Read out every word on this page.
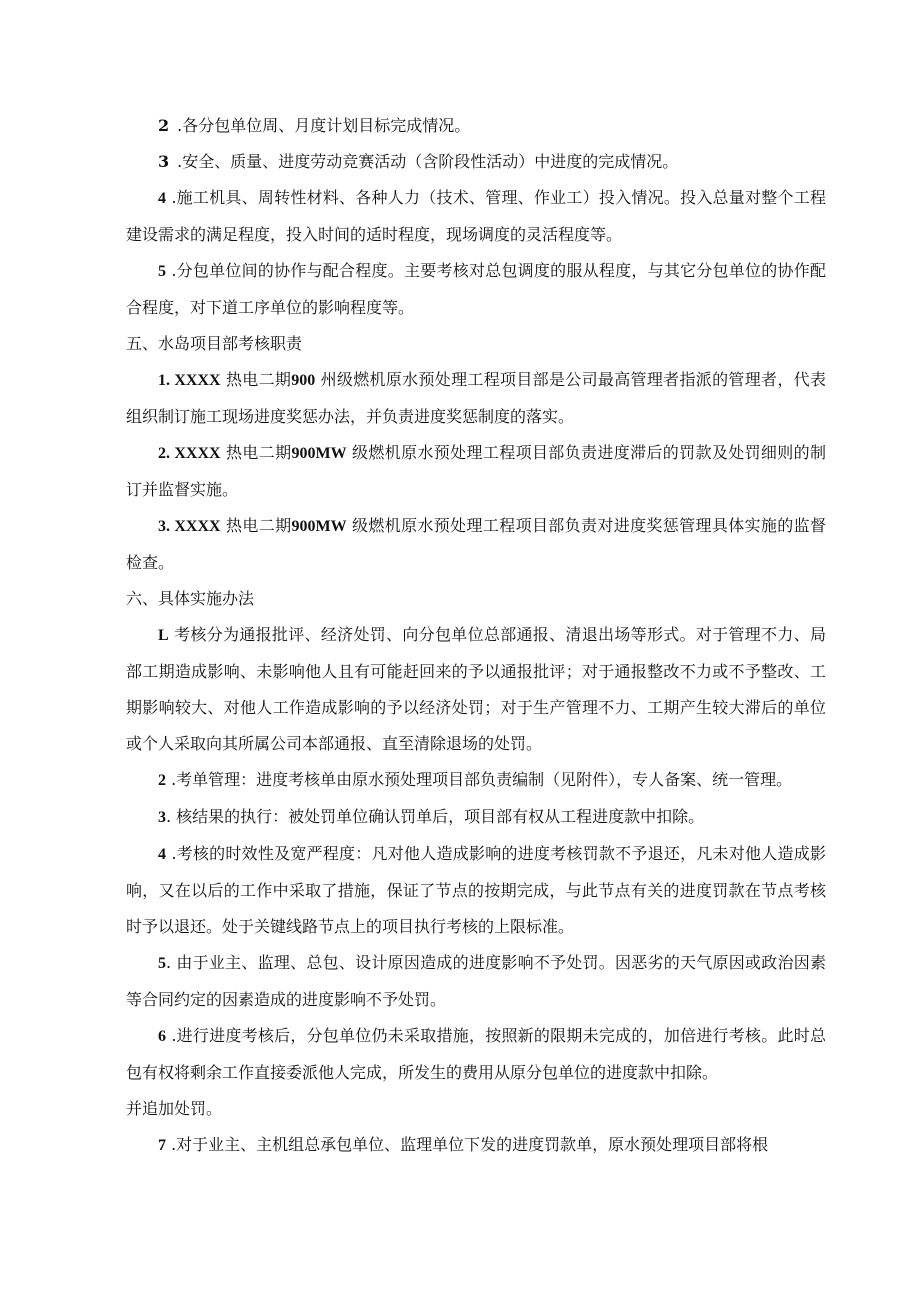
2.各分包单位周、月度计划目标完成情况。

3.安全、质量、进度劳动竞赛活动（含阶段性活动）中进度的完成情况。

4 .施工机具、周转性材料、各种人力（技术、管理、作业工）投入情况。投入总量对整个工程建设需求的满足程度，投入时间的适时程度，现场调度的灵活程度等。

5 .分包单位间的协作与配合程度。主要考核对总包调度的服从程度，与其它分包单位的协作配合程度，对下道工序单位的影响程度等。

五、水岛项目部考核职责

1. XXXX 热电二期900 州级燃机原水预处理工程项目部是公司最高管理者指派的管理者，代表组织制订施工现场进度奖惩办法，并负责进度奖惩制度的落实。

2. XXXX 热电二期900MW 级燃机原水预处理工程项目部负责进度滞后的罚款及处罚细则的制订并监督实施。

3. XXXX 热电二期900MW 级燃机原水预处理工程项目部负责对进度奖惩管理具体实施的监督检查。

六、具体实施办法

L 考核分为通报批评、经济处罚、向分包单位总部通报、清退出场等形式。对于管理不力、局部工期造成影响、未影响他人且有可能赶回来的予以通报批评；对于通报整改不力或不予整改、工期影响较大、对他人工作造成影响的予以经济处罚；对于生产管理不力、工期产生较大滞后的单位或个人采取向其所属公司本部通报、直至清除退场的处罚。

2 .考单管理：进度考核单由原水预处理项目部负责编制（见附件），专人备案、统一管理。

3. 核结果的执行：被处罚单位确认罚单后，项目部有权从工程进度款中扣除。

4 .考核的时效性及宽严程度：凡对他人造成影响的进度考核罚款不予退还，凡未对他人造成影响，又在以后的工作中采取了措施，保证了节点的按期完成，与此节点有关的进度罚款在节点考核时予以退还。处于关键线路节点上的项目执行考核的上限标准。

5. 由于业主、监理、总包、设计原因造成的进度影响不予处罚。因恶劣的天气原因或政治因素等合同约定的因素造成的进度影响不予处罚。

6 .进行进度考核后，分包单位仍未采取措施，按照新的限期未完成的，加倍进行考核。此时总包有权将剩余工作直接委派他人完成，所发生的费用从原分包单位的进度款中扣除。
并追加处罚。

7 .对于业主、主机组总承包单位、监理单位下发的进度罚款单，原水预处理项目部将根
